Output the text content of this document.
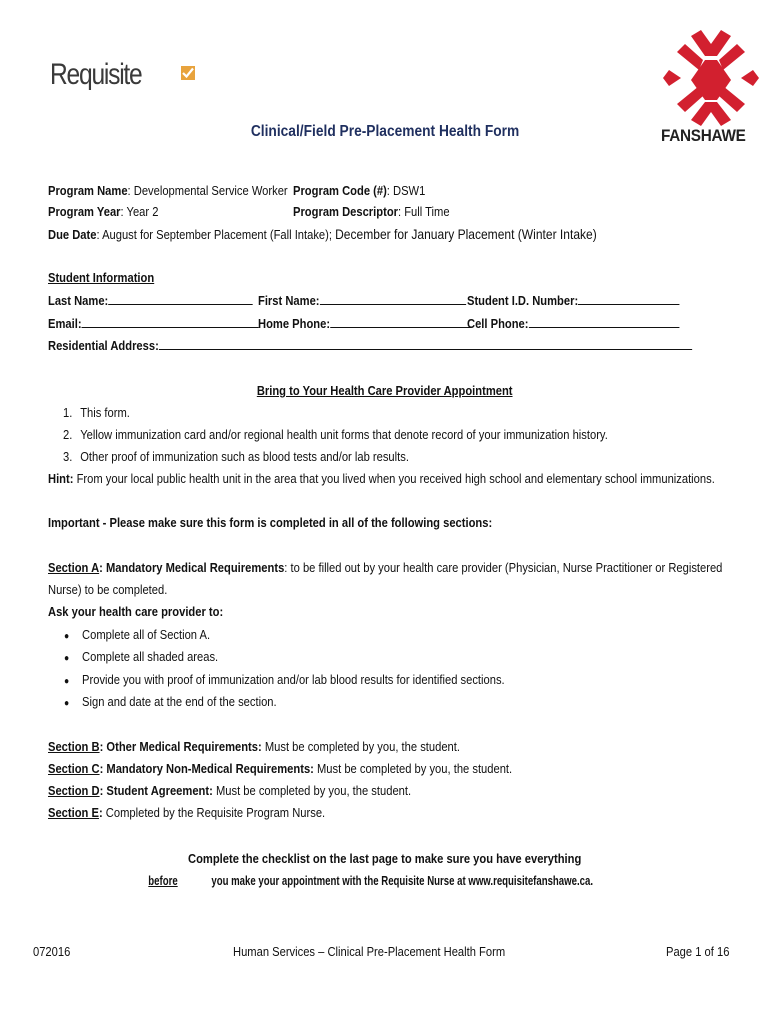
Requisite
FANSHAWE
Clinical/Field Pre-Placement Health Form
Program Name: Developmental Service Worker Program Code (#): DSW1
Program Year: Year 2	Program Descriptor: Full Time
Due Date: August for September Placement (Fall Intake); December for January Placement (Winter Intake)
Student Information
Last Name:	First Name:	Student I.D. Number:
Email:	Home Phone:	Cell Phone:
Residential Address:
Bring to Your Health Care Provider Appointment
1. This form.
2. Yellow immunization card and/or regional health unit forms that denote record of your immunization history.
3. Other proof of immunization such as blood tests and/or lab results.
Hint: From your local public health unit in the area that you lived when you received high school and elementary school immunizations.
Important - Please make sure this form is completed in all of the following sections:
Section A: Mandatory Medical Requirements: to be filled out by your health care provider (Physician, Nurse Practitioner or Registered
Nurse) to be completed.
Ask your health care provider to:
● Complete all of Section A.
● Complete all shaded areas.
● Provide you with proof of immunization and/or lab blood results for identified sections.
● Sign and date at the end of the section.
Section B: Other Medical Requirements: Must be completed by you, the student.
Section C: Mandatory Non-Medical Requirements: Must be completed by you, the student.
Section D: Student Agreement: Must be completed by you, the student.
Section E: Completed by the Requisite Program Nurse.
Complete the checklist on the last page to make sure you have everything
before	you make your appointment with the Requisite Nurse at www.requisitefanshawe.ca.
072016	Human Services – Clinical Pre-Placement Health Form	Page 1 of 16
